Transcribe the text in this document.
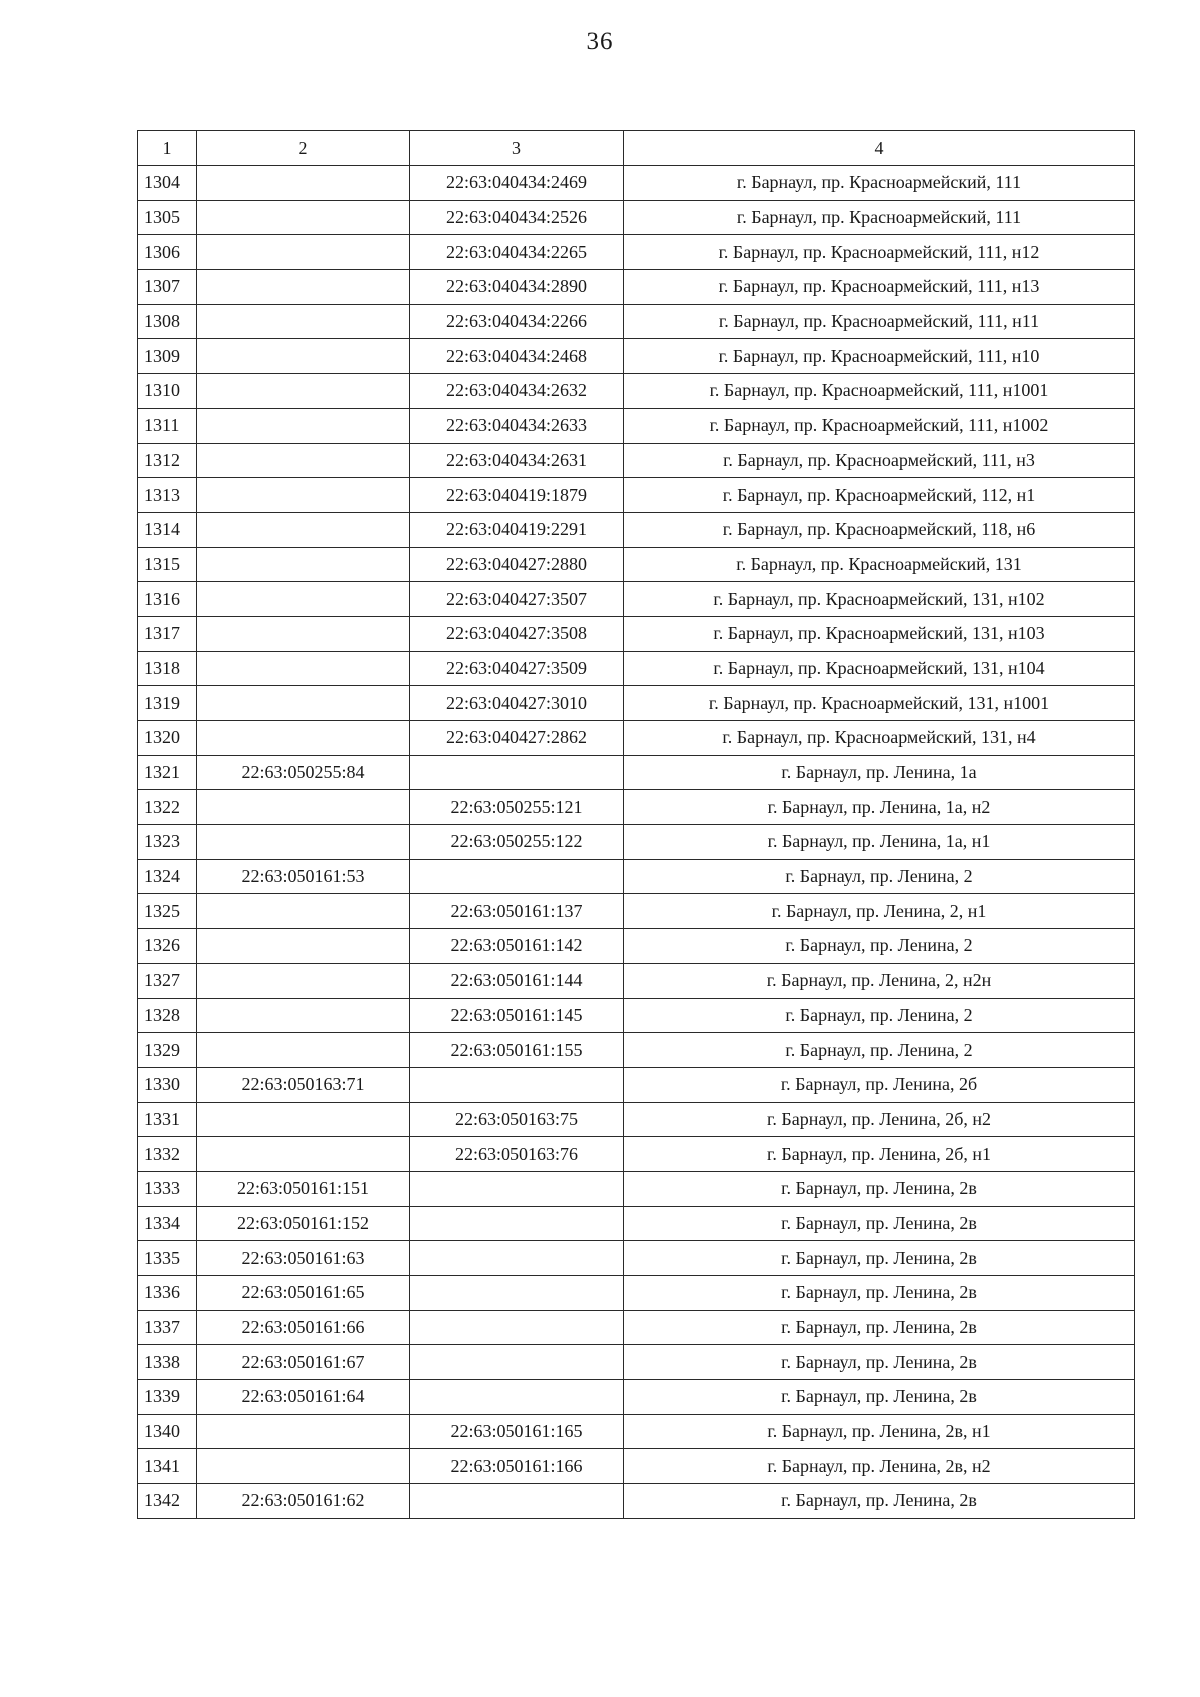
36
1	2	3	4
1304		22:63:040434:2469	г. Барнаул, пр. Красноармейский, 111
1305		22:63:040434:2526	г. Барнаул, пр. Красноармейский, 111
1306		22:63:040434:2265	г. Барнаул, пр. Красноармейский, 111, н12
1307		22:63:040434:2890	г. Барнаул, пр. Красноармейский, 111, н13
1308		22:63:040434:2266	г. Барнаул, пр. Красноармейский, 111, н11
1309		22:63:040434:2468	г. Барнаул, пр. Красноармейский, 111, н10
1310		22:63:040434:2632	г. Барнаул, пр. Красноармейский, 111, н1001
1311		22:63:040434:2633	г. Барнаул, пр. Красноармейский, 111, н1002
1312		22:63:040434:2631	г. Барнаул, пр. Красноармейский, 111, н3
1313		22:63:040419:1879	г. Барнаул, пр. Красноармейский, 112, н1
1314		22:63:040419:2291	г. Барнаул, пр. Красноармейский, 118, н6
1315		22:63:040427:2880	г. Барнаул, пр. Красноармейский, 131
1316		22:63:040427:3507	г. Барнаул, пр. Красноармейский, 131, н102
1317		22:63:040427:3508	г. Барнаул, пр. Красноармейский, 131, н103
1318		22:63:040427:3509	г. Барнаул, пр. Красноармейский, 131, н104
1319		22:63:040427:3010	г. Барнаул, пр. Красноармейский, 131, н1001
1320		22:63:040427:2862	г. Барнаул, пр. Красноармейский, 131, н4
1321	22:63:050255:84		г. Барнаул, пр. Ленина, 1а
1322		22:63:050255:121	г. Барнаул, пр. Ленина, 1а, н2
1323		22:63:050255:122	г. Барнаул, пр. Ленина, 1а, н1
1324	22:63:050161:53		г. Барнаул, пр. Ленина, 2
1325		22:63:050161:137	г. Барнаул, пр. Ленина, 2, н1
1326		22:63:050161:142	г. Барнаул, пр. Ленина, 2
1327		22:63:050161:144	г. Барнаул, пр. Ленина, 2, н2н
1328		22:63:050161:145	г. Барнаул, пр. Ленина, 2
1329		22:63:050161:155	г. Барнаул, пр. Ленина, 2
1330	22:63:050163:71		г. Барнаул, пр. Ленина, 2б
1331		22:63:050163:75	г. Барнаул, пр. Ленина, 2б, н2
1332		22:63:050163:76	г. Барнаул, пр. Ленина, 2б, н1
1333	22:63:050161:151		г. Барнаул, пр. Ленина, 2в
1334	22:63:050161:152		г. Барнаул, пр. Ленина, 2в
1335	22:63:050161:63		г. Барнаул, пр. Ленина, 2в
1336	22:63:050161:65		г. Барнаул, пр. Ленина, 2в
1337	22:63:050161:66		г. Барнаул, пр. Ленина, 2в
1338	22:63:050161:67		г. Барнаул, пр. Ленина, 2в
1339	22:63:050161:64		г. Барнаул, пр. Ленина, 2в
1340		22:63:050161:165	г. Барнаул, пр. Ленина, 2в, н1
1341		22:63:050161:166	г. Барнаул, пр. Ленина, 2в, н2
1342	22:63:050161:62		г. Барнаул, пр. Ленина, 2в
